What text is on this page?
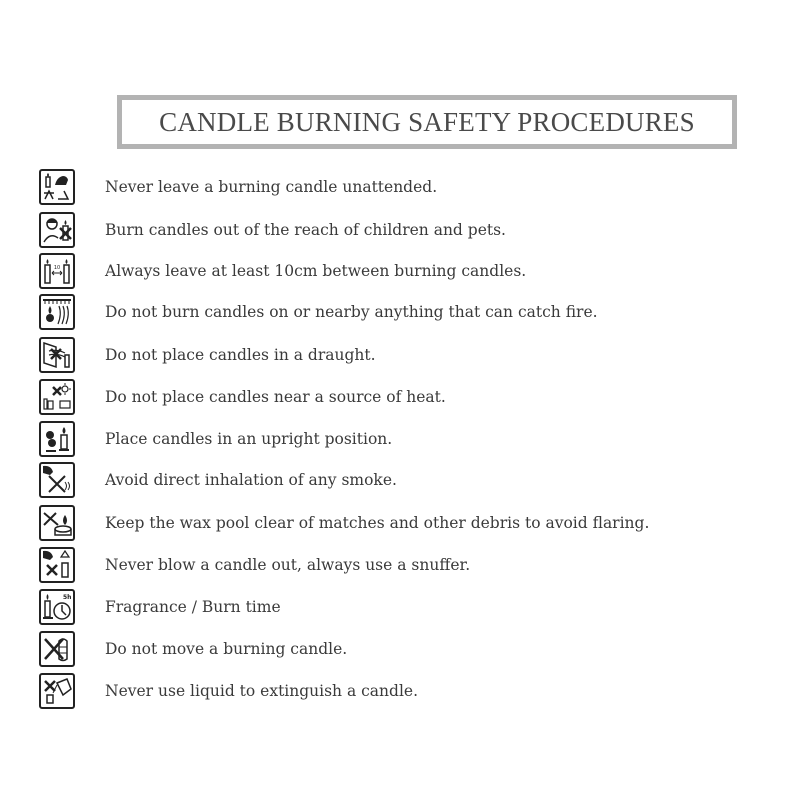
CANDLE BURNING SAFETY PROCEDURES
Never leave a burning candle unattended.
Burn candles out of the reach of children and pets.
10	Always leave at least 10cm between burning candles.
Do not burn candles on or nearby anything that can catch fire.
Do not place candles in a draught.
Do not place candles near a source of heat.
Place candles in an upright position.
Avoid direct inhalation of any smoke.
Keep the wax pool clear of matches and other debris to avoid flaring.
Never blow a candle out, always use a snuffer.
5h
Fragrance / Burn time
Do not move a burning candle.
Never use liquid to extinguish a candle.
